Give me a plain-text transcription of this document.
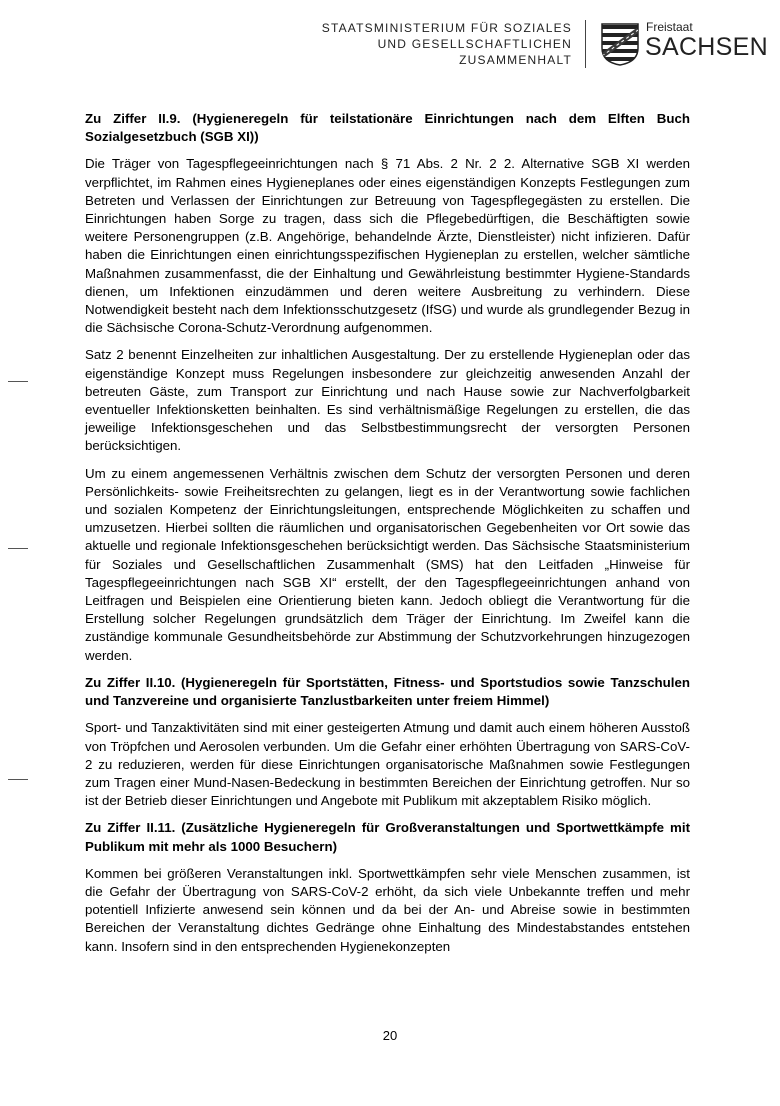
STAATSMINISTERIUM FÜR SOZIALES
UND GESELLSCHAFTLICHEN
ZUSAMMENHALT
Freistaat
SACHSEN
Zu Ziffer II.9. (Hygieneregeln für teilstationäre Einrichtungen nach dem Elften Buch Sozialgesetzbuch (SGB XI))

Die Träger von Tagespflegeeinrichtungen nach § 71 Abs. 2 Nr. 2 2. Alternative SGB XI werden verpflichtet, im Rahmen eines Hygieneplanes oder eines eigenständigen Konzepts Festlegungen zum Betreten und Verlassen der Einrichtungen zur Betreuung von Tagespflegegästen zu erstellen. Die Einrichtungen haben Sorge zu tragen, dass sich die Pflegebedürftigen, die Beschäftigten sowie weitere Personengruppen (z.B. Angehörige, behandelnde Ärzte, Dienstleister) nicht infizieren. Dafür haben die Einrichtungen einen einrichtungsspezifischen Hygieneplan zu erstellen, welcher sämtliche Maßnahmen zusammenfasst, die der Einhaltung und Gewährleistung bestimmter Hygiene-Standards dienen, um Infektionen einzudämmen und deren weitere Ausbreitung zu verhindern. Diese Notwendigkeit besteht nach dem Infektionsschutzgesetz (IfSG) und wurde als grundlegender Bezug in die Sächsische Corona-Schutz-Verordnung aufgenommen.

Satz 2 benennt Einzelheiten zur inhaltlichen Ausgestaltung. Der zu erstellende Hygieneplan oder das eigenständige Konzept muss Regelungen insbesondere zur gleichzeitig anwesenden Anzahl der betreuten Gäste, zum Transport zur Einrichtung und nach Hause sowie zur Nachverfolgbarkeit eventueller Infektionsketten beinhalten. Es sind verhältnismäßige Regelungen zu erstellen, die das jeweilige Infektionsgeschehen und das Selbstbestimmungsrecht der versorgten Personen berücksichtigen.

Um zu einem angemessenen Verhältnis zwischen dem Schutz der versorgten Personen und deren Persönlichkeits- sowie Freiheitsrechten zu gelangen, liegt es in der Verantwortung sowie fachlichen und sozialen Kompetenz der Einrichtungsleitungen, entsprechende Möglichkeiten zu schaffen und umzusetzen. Hierbei sollten die räumlichen und organisatorischen Gegebenheiten vor Ort sowie das aktuelle und regionale Infektionsgeschehen berücksichtigt werden. Das Sächsische Staatsministerium für Soziales und Gesellschaftlichen Zusammenhalt (SMS) hat den Leitfaden „Hinweise für Tagespflegeeinrichtungen nach SGB XI“ erstellt, der den Tagespflegeeinrichtungen anhand von Leitfragen und Beispielen eine Orientierung bieten kann. Jedoch obliegt die Verantwortung für die Erstellung solcher Regelungen grundsätzlich dem Träger der Einrichtung. Im Zweifel kann die zuständige kommunale Gesundheitsbehörde zur Abstimmung der Schutzvorkehrungen hinzugezogen werden.

Zu Ziffer II.10. (Hygieneregeln für Sportstätten, Fitness- und Sportstudios sowie Tanzschulen und Tanzvereine und organisierte Tanzlustbarkeiten unter freiem Himmel)

Sport- und Tanzaktivitäten sind mit einer gesteigerten Atmung und damit auch einem höheren Ausstoß von Tröpfchen und Aerosolen verbunden. Um die Gefahr einer erhöhten Übertragung von SARS-CoV-2 zu reduzieren, werden für diese Einrichtungen organisatorische Maßnahmen sowie Festlegungen zum Tragen einer Mund-Nasen-Bedeckung in bestimmten Bereichen der Einrichtung getroffen. Nur so ist der Betrieb dieser Einrichtungen und Angebote mit Publikum mit akzeptablem Risiko möglich.

Zu Ziffer II.11. (Zusätzliche Hygieneregeln für Großveranstaltungen und Sportwettkämpfe mit Publikum mit mehr als 1000 Besuchern)

Kommen bei größeren Veranstaltungen inkl. Sportwettkämpfen sehr viele Menschen zusammen, ist die Gefahr der Übertragung von SARS-CoV-2 erhöht, da sich viele Unbekannte treffen und mehr potentiell Infizierte anwesend sein können und da bei der An- und Abreise sowie in bestimmten Bereichen der Veranstaltung dichtes Gedränge ohne Einhaltung des Mindestabstandes entstehen kann. Insofern sind in den entsprechenden Hygienekonzepten

20
